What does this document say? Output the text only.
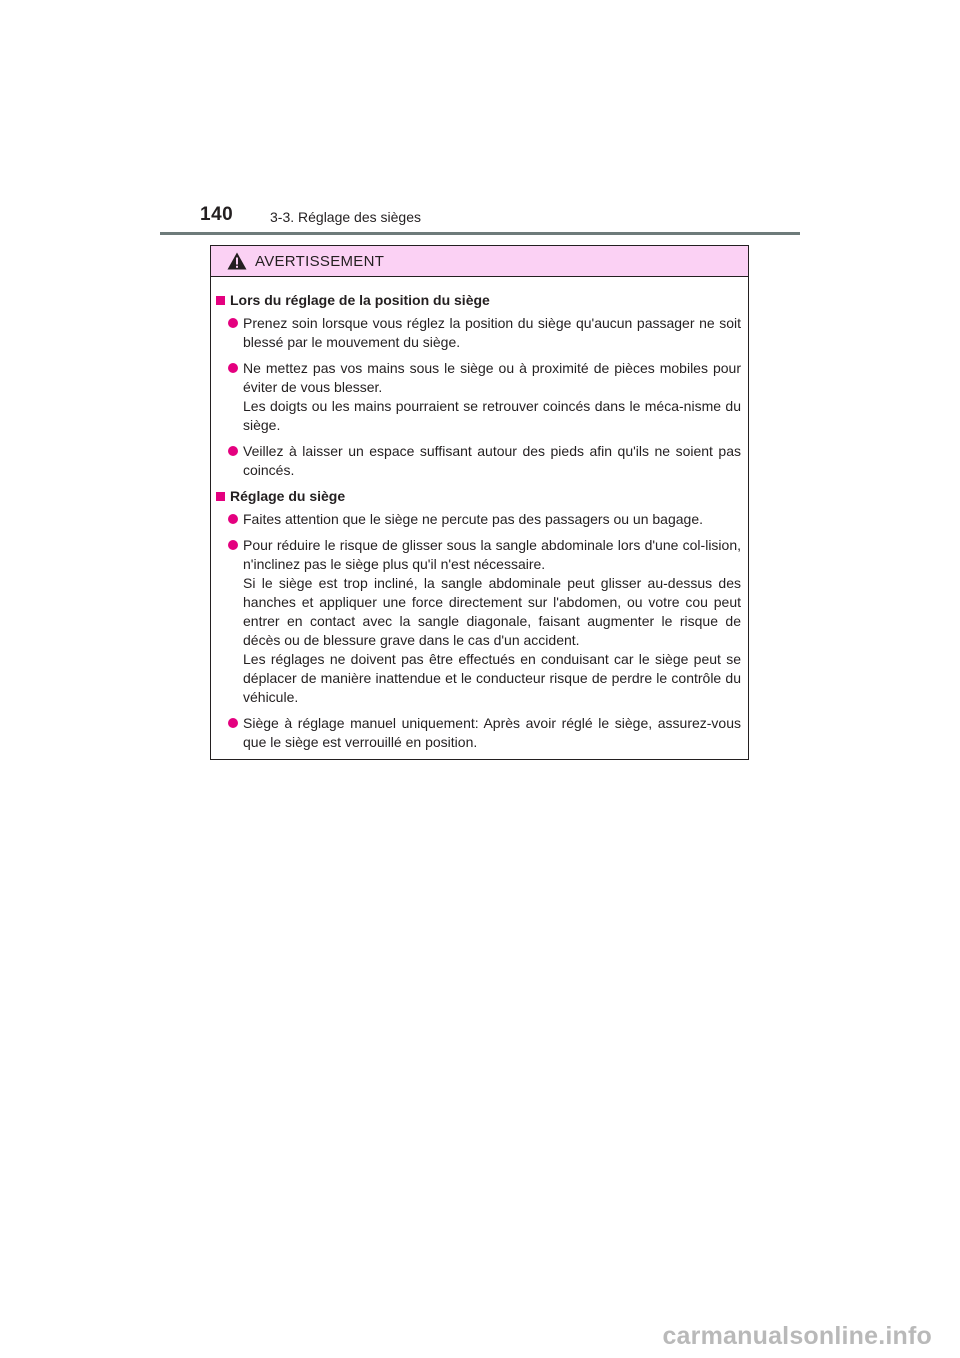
140	3-3. Réglage des sièges
AVERTISSEMENT
Lors du réglage de la position du siège

Prenez soin lorsque vous réglez la position du siège qu'aucun passager ne soit blessé par le mouvement du siège.

Ne mettez pas vos mains sous le siège ou à proximité de pièces mobiles pour éviter de vous blesser.

Les doigts ou les mains pourraient se retrouver coincés dans le méca-nisme du siège.

Veillez à laisser un espace suffisant autour des pieds afin qu'ils ne soient pas coincés.

Réglage du siège

Faites attention que le siège ne percute pas des passagers ou un bagage.

Pour réduire le risque de glisser sous la sangle abdominale lors d'une col-lision, n'inclinez pas le siège plus qu'il n'est nécessaire.

Si le siège est trop incliné, la sangle abdominale peut glisser au-dessus des hanches et appliquer une force directement sur l'abdomen, ou votre cou peut entrer en contact avec la sangle diagonale, faisant augmenter le risque de décès ou de blessure grave dans le cas d'un accident.

Les réglages ne doivent pas être effectués en conduisant car le siège peut se déplacer de manière inattendue et le conducteur risque de perdre le contrôle du véhicule.

Siège à réglage manuel uniquement: Après avoir réglé le siège, assurez-vous que le siège est verrouillé en position.

carmanualsonline.info
